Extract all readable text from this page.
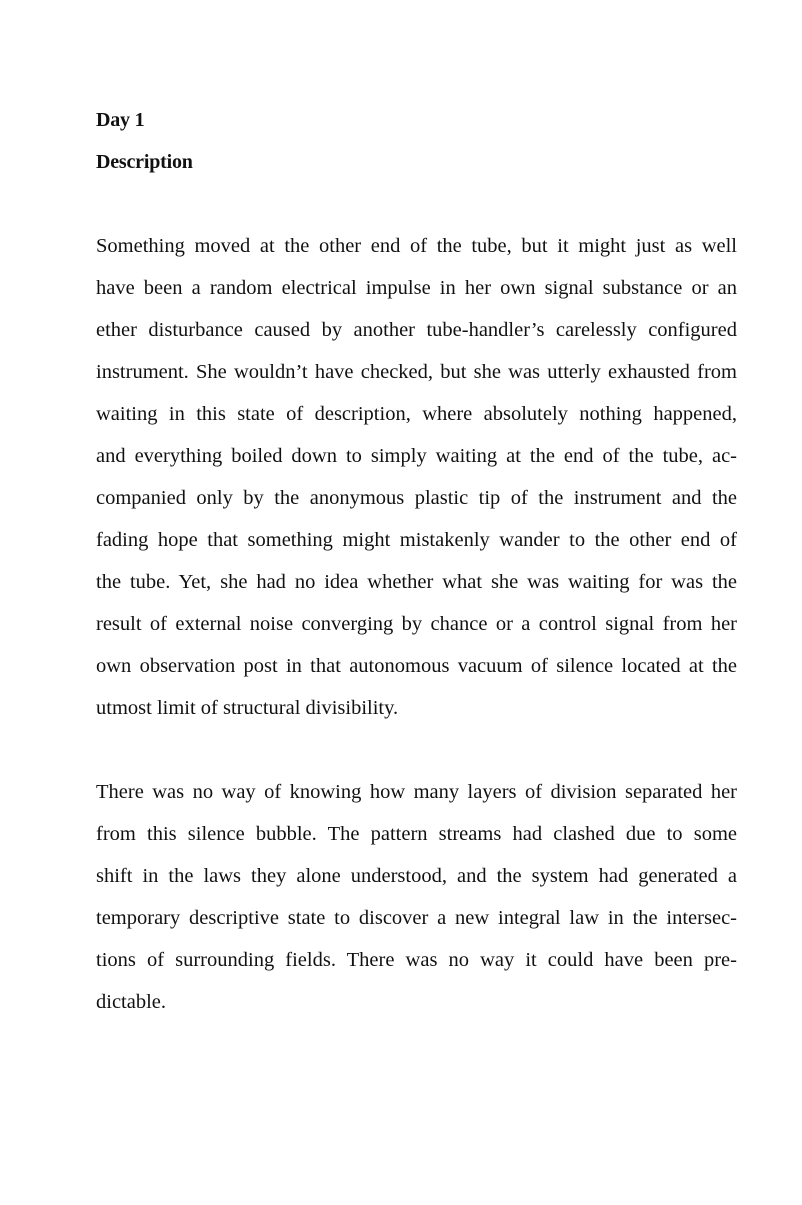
Day 1
Description
Something moved at the other end of the tube, but it might just as well
have been a random electrical impulse in her own signal substance or an
ether disturbance caused by another tube-handler’s carelessly configured
instrument. She wouldn’t have checked, but she was utterly exhausted from
waiting in this state of description, where absolutely nothing happened,
and everything boiled down to simply waiting at the end of the tube, ac-
companied only by the anonymous plastic tip of the instrument and the
fading hope that something might mistakenly wander to the other end of
the tube. Yet, she had no idea whether what she was waiting for was the
result of external noise converging by chance or a control signal from her
own observation post in that autonomous vacuum of silence located at the
utmost limit of structural divisibility.
There was no way of knowing how many layers of division separated her
from this silence bubble. The pattern streams had clashed due to some
shift in the laws they alone understood, and the system had generated a
temporary descriptive state to discover a new integral law in the intersec-
tions of surrounding fields. There was no way it could have been pre-
dictable.
